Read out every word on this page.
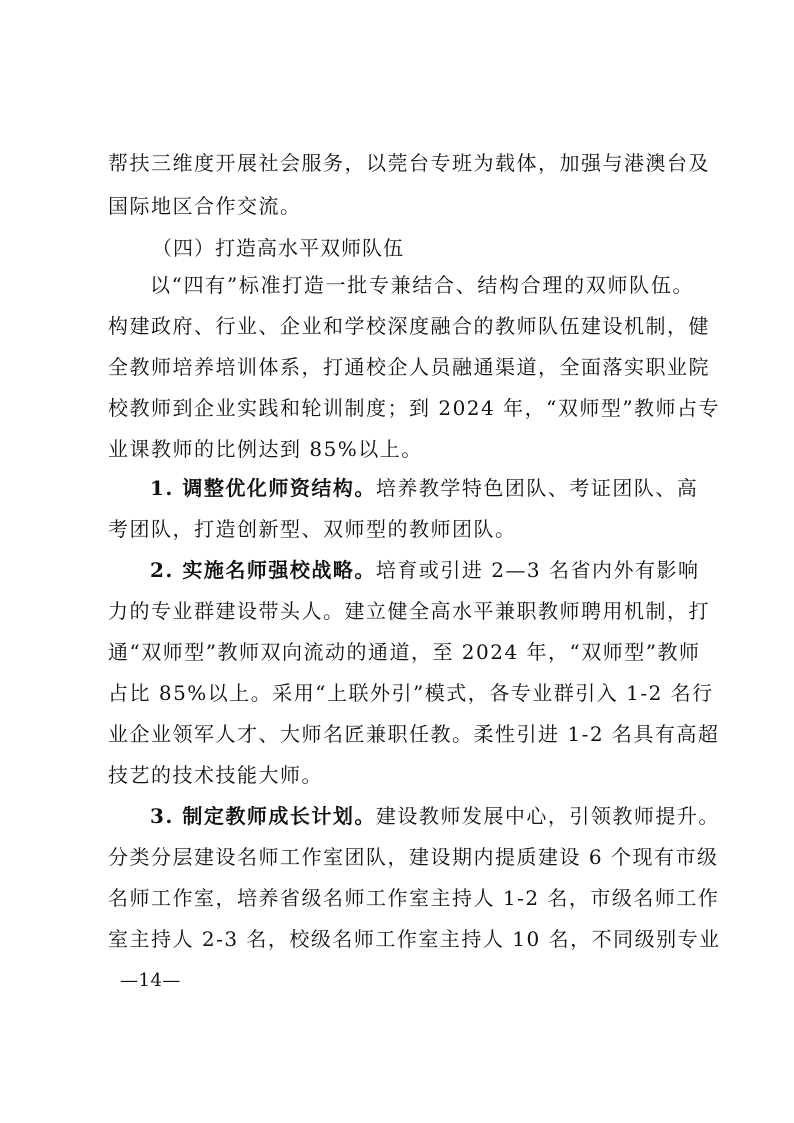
帮扶三维度开展社会服务，以莞台专班为载体，加强与港澳台及
国际地区合作交流。
（四）打造高水平双师队伍
以“四有”标准打造一批专兼结合、结构合理的双师队伍。
构建政府、行业、企业和学校深度融合的教师队伍建设机制，健
全教师培养培训体系，打通校企人员融通渠道，全面落实职业院
校教师到企业实践和轮训制度；到 2024 年，“双师型”教师占专
业课教师的比例达到 85%以上。
1. 调整优化师资结构。 培养教学特色团队、考证团队、高
考团队，打造创新型、双师型的教师团队。
2. 实施名师强校战略。 培育或引进 2—3 名省内外有影响
力的专业群建设带头人。建立健全高水平兼职教师聘用机制，打
通“双师型”教师双向流动的通道，至 2024 年，“双师型”教师
占比 85%以上。采用“上联外引”模式，各专业群引入 1-2 名行
业企业领军人才、大师名匠兼职任教。柔性引进 1-2 名具有高超
技艺的技术技能大师。
3. 制定教师成长计划。 建设教师发展中心，引领教师提升。
分类分层建设名师工作室团队，建设期内提质建设 6 个现有市级
名师工作室，培养省级名师工作室主持人 1-2 名，市级名师工作
室主持人 2-3 名，校级名师工作室主持人 10 名，不同级别专业
—14—
